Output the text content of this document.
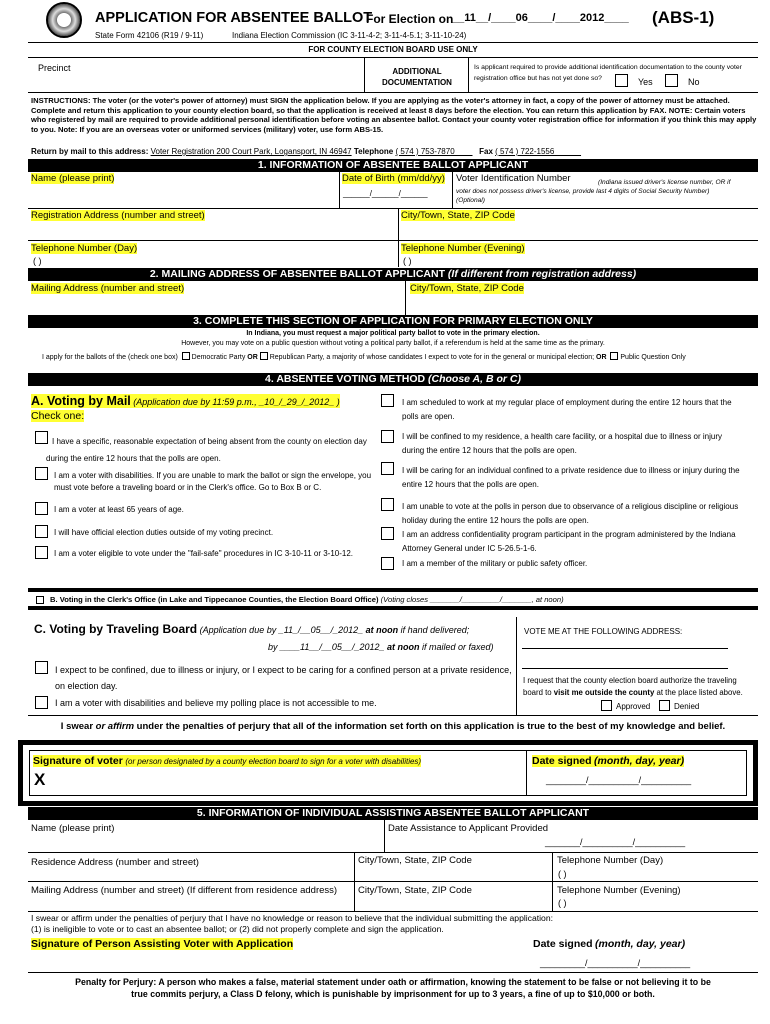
APPLICATION FOR ABSENTEE BALLOT
For Election on
__11__/____06____/____2012____ (ABS-1)
State Form 42106 (R19 / 9-11)	Indiana Election Commission (IC 3-11-4-2; 3-11-4-5.1; 3-11-10-24)
FOR COUNTY ELECTION BOARD USE ONLY
Precinct	ADDITIONAL DOCUMENTATION
Is applicant required to provide additional identification documentation to the county voter registration office but has not yet done so?	Yes	No
INSTRUCTIONS: The voter (or the voter's power of attorney) must SIGN the application below. If you are applying as the voter's attorney in fact, a copy of the power of attorney must be attached. Complete and return this application to your county election board, so that the application is received at least 8 days before the election. You can return this application by FAX. NOTE: Certain voters who registered by mail are required to provide additional personal identification before voting an absentee ballot. Contact your county voter registration office for information if you think this may apply to you. Note: If you are an overseas voter or uniformed services (military) voter, use form ABS-15.
Return by mail to this address: Voter Registration 200 Court Park, Logansport, IN 46947 Telephone ( 574 ) 753-7870____ Fax ( 574 ) 722-1556______
1. INFORMATION OF ABSENTEE BALLOT APPLICANT
Name (please print)	Date of Birth (mm/dd/yy)
______/______/______
Voter Identification Number	(Indiana issued driver's license number, OR if voter does not possess driver's license, provide last 4 digits of Social Security Number) (Optional)
Registration Address (number and street)	City/Town, State, ZIP Code
Telephone Number (Day)
( )
Telephone Number (Evening)
( )
2. MAILING ADDRESS OF ABSENTEE BALLOT APPLICANT (If different from registration address)
Mailing Address (number and street)	City/Town, State, ZIP Code
3. COMPLETE THIS SECTION OF APPLICATION FOR PRIMARY ELECTION ONLY
In Indiana, you must request a major political party ballot to vote in the primary election.
However, you may vote on a public question without voting a political party ballot, if a referendum is held at the same time as the primary.
I apply for the ballots of the (check one box) Democratic Party OR Republican Party, a majority of whose candidates I expect to vote for in the general or municipal election; OR Public Question Only
4. ABSENTEE VOTING METHOD (Choose A, B or C)
A. Voting by Mail (Application due by 11:59 p.m., _10_/_29_/_2012_ )
Check one:
I have a specific, reasonable expectation of being absent from the county on election day during the entire 12 hours that the polls are open.
I am a voter with disabilities. If you are unable to mark the ballot or sign the envelope, you must vote before a traveling board or in the Clerk's office. Go to Box B or C.
I am a voter at least 65 years of age.
I will have official election duties outside of my voting precinct.
I am a voter eligible to vote under the "fail-safe" procedures in IC 3-10-11 or 3-10-12.
I am scheduled to work at my regular place of employment during the entire 12 hours that the polls are open.
I will be confined to my residence, a health care facility, or a hospital due to illness or injury during the entire 12 hours that the polls are open.
I will be caring for an individual confined to a private residence due to illness or injury during the entire 12 hours that the polls are open.
I am unable to vote at the polls in person due to observance of a religious discipline or religious holiday during the entire 12 hours the polls are open.
I am an address confidentiality program participant in the program administered by the Indiana Attorney General under IC 5-26.5-1-6.
I am a member of the military or public safety officer.
B. Voting in the Clerk's Office (in Lake and Tippecanoe Counties, the Election Board Office) (Voting closes _______/_________/_______, at noon)
C. Voting by Traveling Board (Application due by _11_/__05__/_2012_ at noon if hand delivered;
by ____11__/__05__/_2012_ at noon if mailed or faxed)
I expect to be confined, due to illness or injury, or I expect to be caring for a confined person at a private residence, on election day.
I am a voter with disabilities and believe my polling place is not accessible to me.
VOTE ME AT THE FOLLOWING ADDRESS:
I request that the county election board authorize the traveling board to visit me outside the county at the place listed above.
Approved	Denied
I swear or affirm under the penalties of perjury that all of the information set forth on this application is true to the best of my knowledge and belief.
Signature of voter (or person designated by a county election board to sign for a voter with disabilities)
X
Date signed (month, day, year)
________/__________/__________
5. INFORMATION OF INDIVIDUAL ASSISTING ABSENTEE BALLOT APPLICANT
Name (please print)	Date Assistance to Applicant Provided
_______/__________/__________
Residence Address (number and street)	City/Town, State, ZIP Code	Telephone Number (Day)
( )
Mailing Address (number and street) (If different from residence address) City/Town, State, ZIP Code	Telephone Number (Evening)
( )
I swear or affirm under the penalties of perjury that I have no knowledge or reason to believe that the individual submitting the application:
(1) is ineligible to vote or to cast an absentee ballot; or (2) did not properly complete and sign the application.
Signature of Person Assisting Voter with Application	Date signed (month, day, year)
_________/__________/__________
Penalty for Perjury: A person who makes a false, material statement under oath or affirmation, knowing the statement to be false or not believing it to be
true commits perjury, a Class D felony, which is punishable by imprisonment for up to 3 years, a fine of up to $10,000 or both.
